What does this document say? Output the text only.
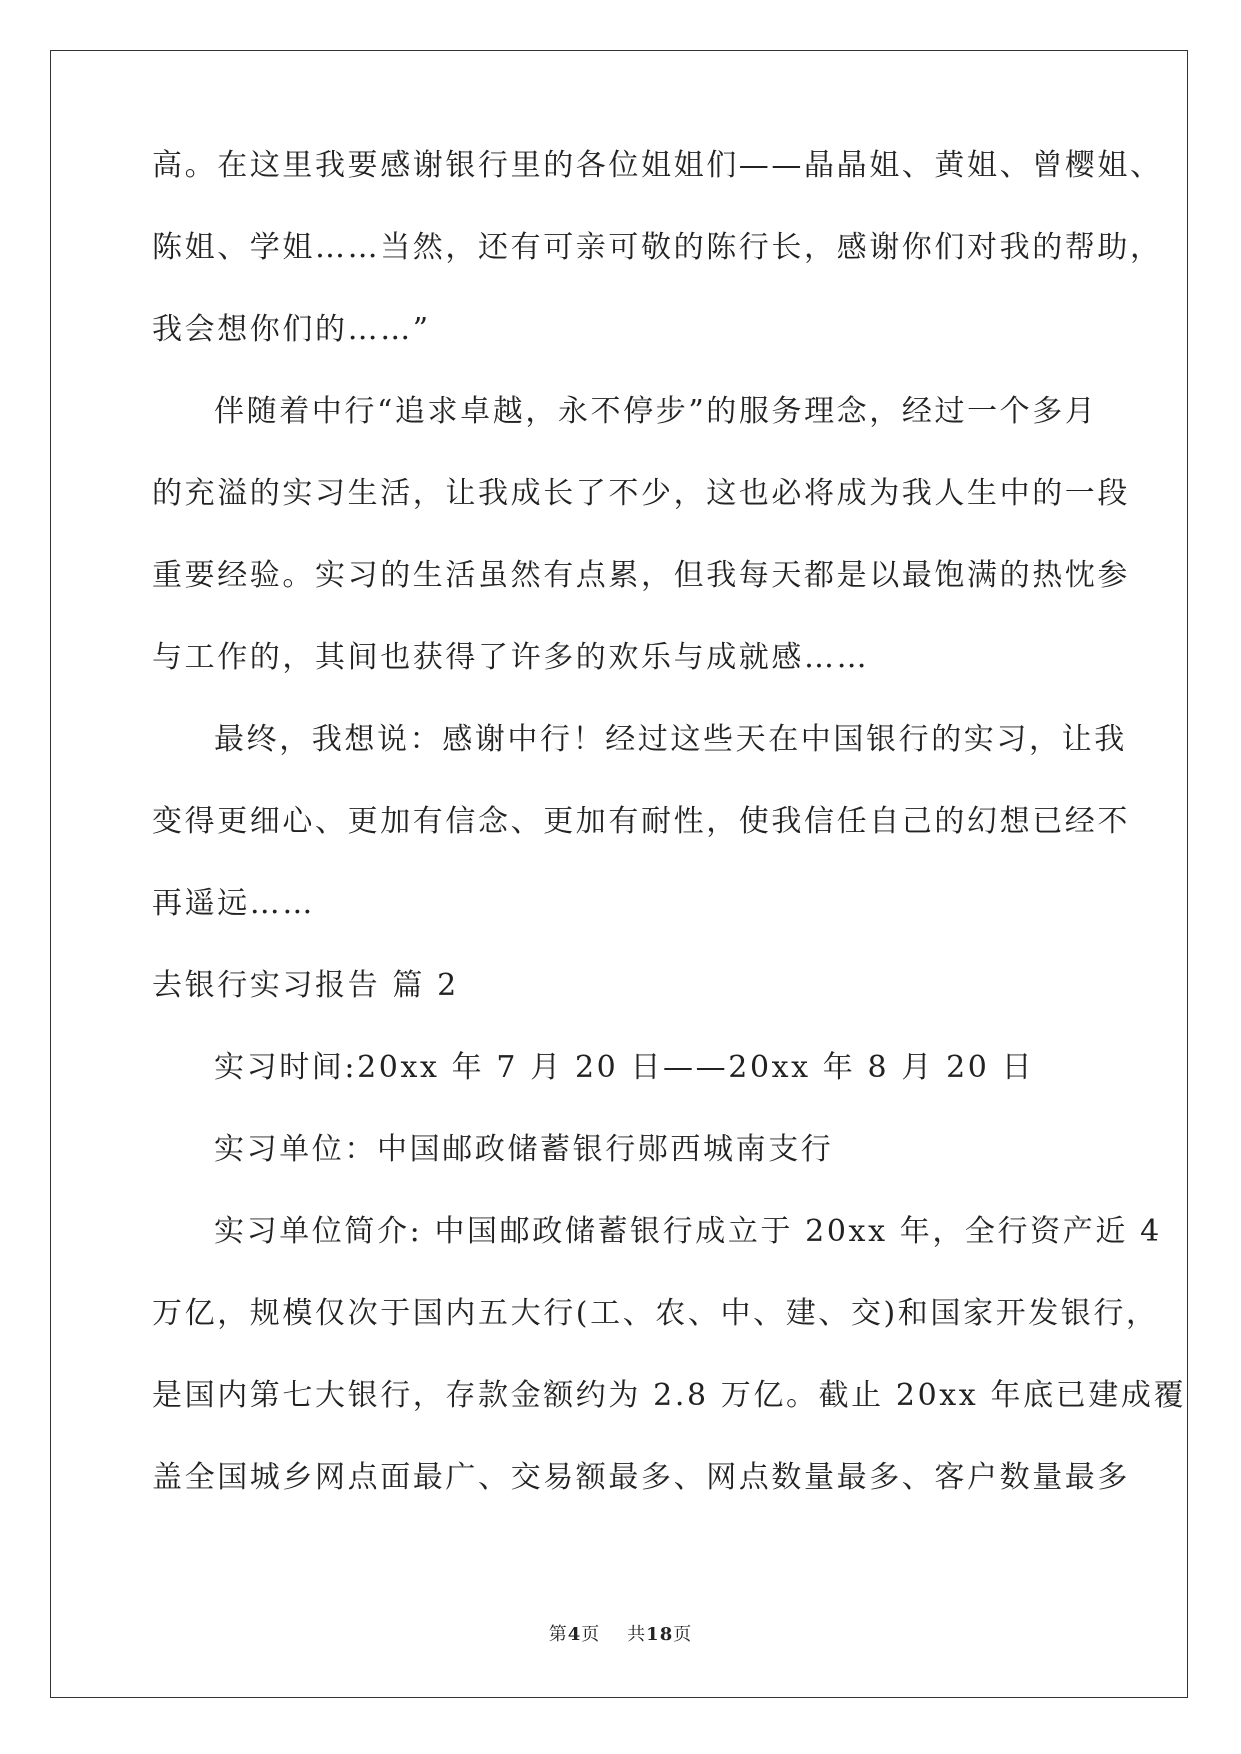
高。在这里我要感谢银行里的各位姐姐们——晶晶姐、黄姐、曾樱姐、
陈姐、学姐……当然，还有可亲可敬的陈行长，感谢你们对我的帮助，
我会想你们的……”
伴随着中行“追求卓越，永不停步”的服务理念，经过一个多月
的充溢的实习生活，让我成长了不少，这也必将成为我人生中的一段
重要经验。实习的生活虽然有点累，但我每天都是以最饱满的热忱参
与工作的，其间也获得了许多的欢乐与成就感……
最终，我想说：感谢中行！经过这些天在中国银行的实习，让我
变得更细心、更加有信念、更加有耐性，使我信任自己的幻想已经不
再遥远……
去银行实习报告 篇 2
实习时间:20xx 年 7 月 20 日——20xx 年 8 月 20 日
实习单位：中国邮政储蓄银行郧西城南支行
实习单位简介: 中国邮政储蓄银行成立于 20xx 年，全行资产近 4
万亿，规模仅次于国内五大行(工、农、中、建、交)和国家开发银行，
是国内第七大银行，存款金额约为 2.8 万亿。截止 20xx 年底已建成覆
盖全国城乡网点面最广、交易额最多、网点数量最多、客户数量最多
第4页 共18页
